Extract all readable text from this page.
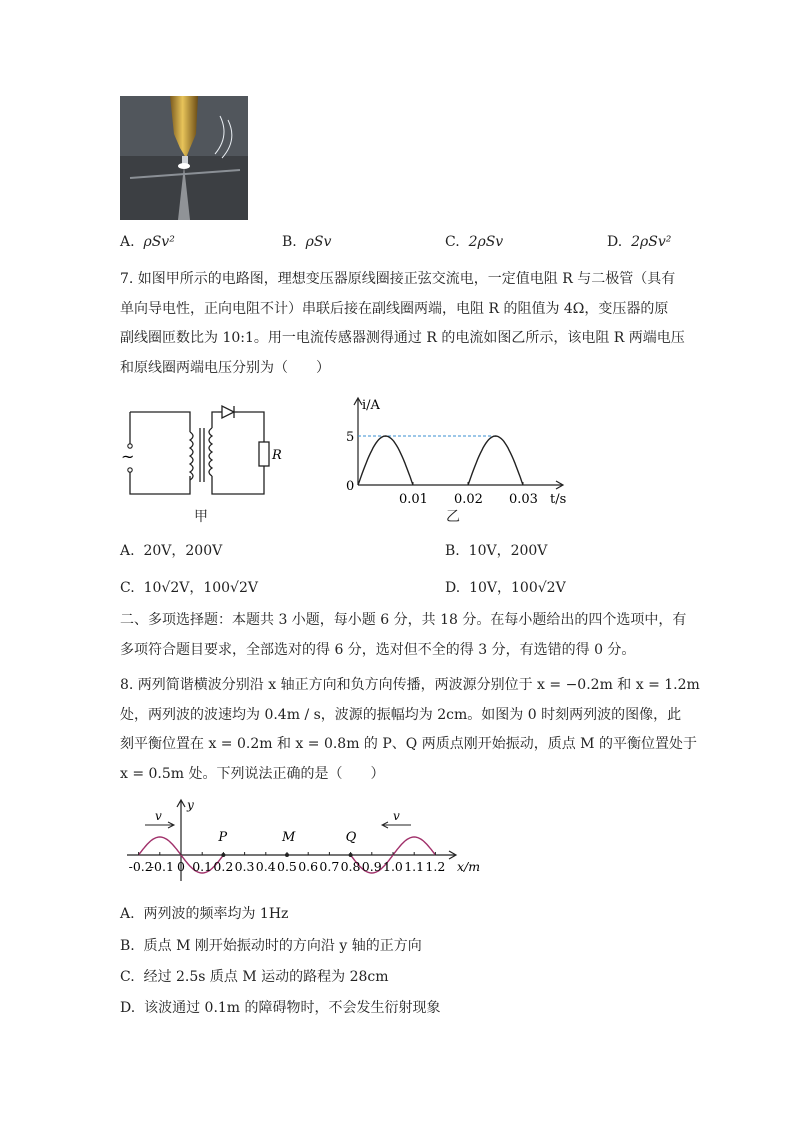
A. ρSv²	B. ρSv	C. 2ρSv	D. 2ρSv²

7. 如图甲所示的电路图，理想变压器原线圈接正弦交流电，一定值电阻 R 与二极管（具有

单向导电性，正向电阻不计）串联后接在副线圈两端，电阻 R 的阻值为 4Ω，变压器的原

副线圈匝数比为 10:1。用一电流传感器测得通过 R 的电流如图乙所示，该电阻 R 两端电压

和原线圈两端电压分别为（　　）

~	R
甲
5
0
0.01 0.02 0.03
i/A
t/s
乙
A. 20V，200V	B. 10V，200V
C. 10√2V，100√2V	D. 10V，100√2V

二、多项选择题：本题共 3 小题，每小题 6 分，共 18 分。在每小题给出的四个选项中，有

多项符合题目要求，全部选对的得 6 分，选对但不全的得 3 分，有选错的得 0 分。

8. 两列简谐横波分别沿 x 轴正方向和负方向传播，两波源分别位于 x = −0.2m 和 x = 1.2m

处，两列波的波速均为 0.4m / s，波源的振幅均为 2cm。如图为 0 时刻两列波的图像，此

刻平衡位置在 x = 0.2m 和 x = 0.8m 的 P、Q 两质点刚开始振动，质点 M 的平衡位置处于

x = 0.5m 处。下列说法正确的是（　　）

y
-0.2
-0.1 0 0.1 0.2 0.3 0.4 0.5 0.6 0.7 0.8 0.9 1.0 1.1 1.2 x/m
P	M	Q
v	v
A. 两列波的频率均为 1Hz
B. 质点 M 刚开始振动时的方向沿 y 轴的正方向
C. 经过 2.5s 质点 M 运动的路程为 28cm
D. 该波通过 0.1m 的障碍物时，不会发生衍射现象
